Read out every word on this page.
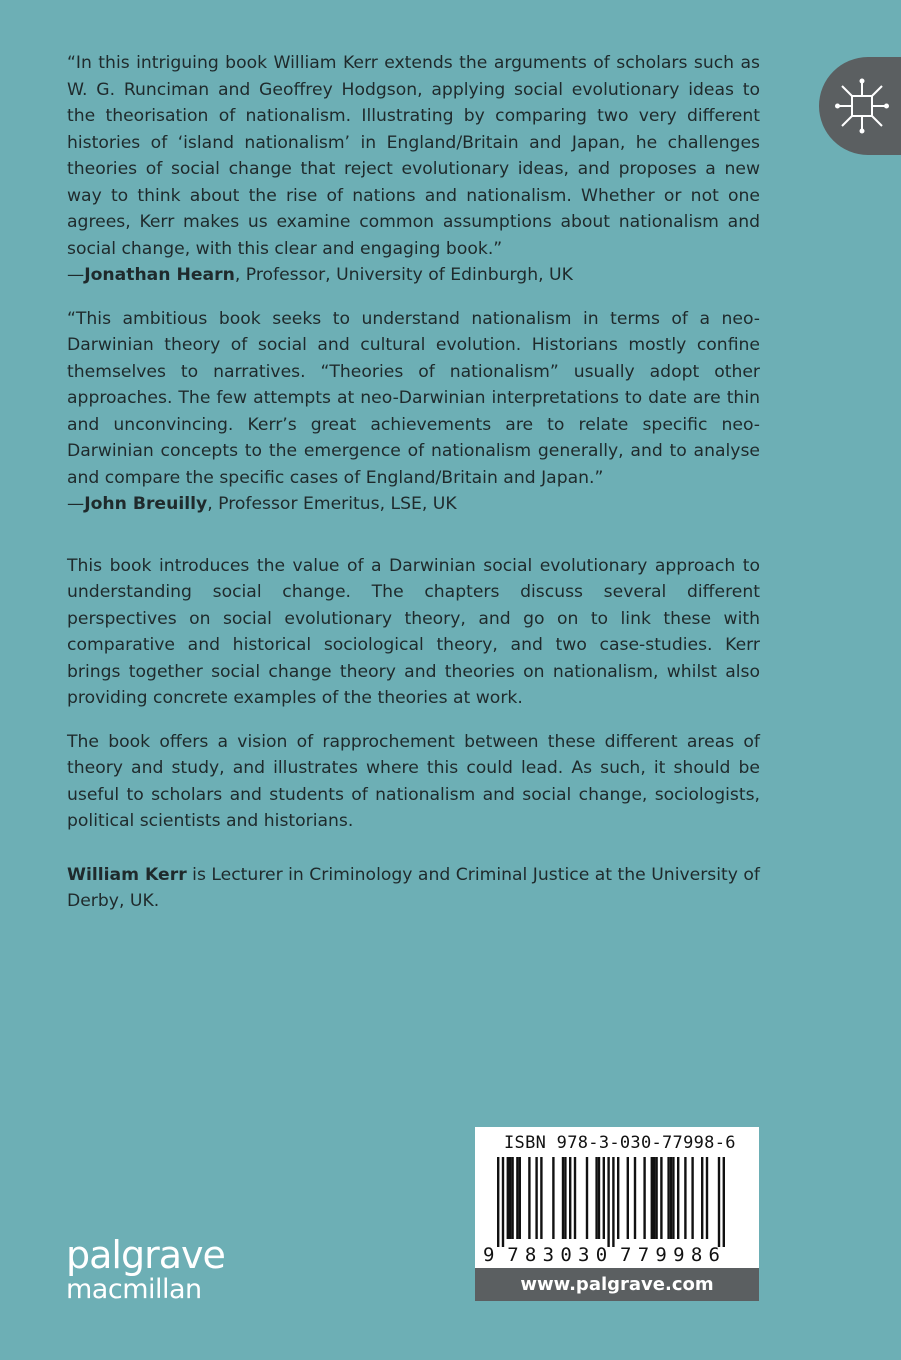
“In this intriguing book William Kerr extends the arguments of scholars such as W. G. Runciman and Geoffrey Hodgson, applying social evolutionary ideas to the theorisation of nationalism. Illustrating by comparing two very different histories of ‘island nationalism’ in England/Britain and Japan, he challenges theories of social change that reject evolutionary ideas, and proposes a new way to think about the rise of nations and nationalism. Whether or not one agrees, Kerr makes us examine common assumptions about nationalism and social change, with this clear and engaging book.”

—Jonathan Hearn, Professor, University of Edinburgh, UK

“This ambitious book seeks to understand nationalism in terms of a neo-Darwinian theory of social and cultural evolution. Historians mostly confine themselves to narratives. “Theories of nationalism” usually adopt other approaches. The few attempts at neo-Darwinian interpretations to date are thin and unconvincing. Kerr’s great achievements are to relate specific neo-Darwinian concepts to the emergence of nationalism generally, and to analyse and compare the specific cases of England/Britain and Japan.”

—John Breuilly, Professor Emeritus, LSE, UK

This book introduces the value of a Darwinian social evolutionary approach to understanding social change. The chapters discuss several different perspectives on social evolutionary theory, and go on to link these with comparative and historical sociological theory, and two case-studies. Kerr brings together social change theory and theories on nationalism, whilst also providing concrete examples of the theories at work.

The book offers a vision of rapprochement between these different areas of theory and study, and illustrates where this could lead. As such, it should be useful to scholars and students of nationalism and social change, sociologists, political scientists and historians.

William Kerr is Lecturer in Criminology and Criminal Justice at the University of Derby, UK.

palgrave
macmillan
ISBN 978-3-030-77998-6
9 783030 779986
www.palgrave.com
